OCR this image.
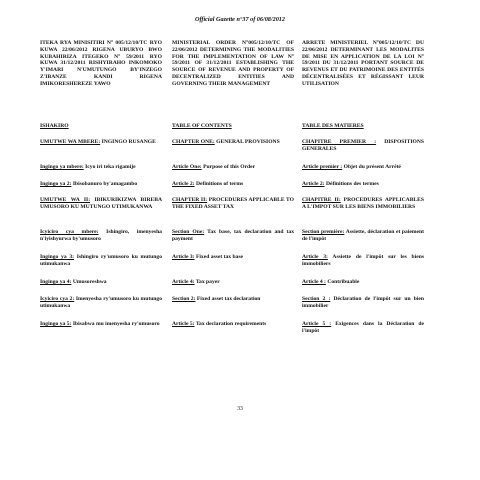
Official Gazette n°37 of 06/08/2012
ITEKA RYA MINISITIRI N° 005/12/10/TC RYO KUWA 22/06/2012 RIGENA UBURYO BWO KUBAHIRIZA ITEGEKO N° 59/2011 RYO KUWA 31/12/2011 RISHYIRAHO INKOMOKO Y'IMARI N'UMUTUNGO BY'INZEGO Z'IBANZE KANDI RIGENA IMIKORESHEREZE YAWO
ISHAKIRO
UMUTWE WA MBERE: INGINGO RUSANGE
Ingingo ya mbere: Icyo iri teka rigamije
Ingingo ya 2: Ibisobanuro by'amagambo
UMUTWE WA II: IBIKURIKIZWA BIREBA UMUSORO KU MUTUNGO UTIMUKANWA
Icyiciro cya mbere: Ishingiro, imenyesha n'iyishyurwa by'umusoro
Ingingo ya 3: Ishingiro ry'umusoro ku mutungo utimukanwa
Ingingo ya 4: Umusoreshwa
Icyiciro cya 2: Imenyesha ry'umusoro ku mutungo utimukanwa
Ingingo ya 5: Ibisabwa mu imenyesha ry'umusoro
MINISTERIAL ORDER N°005/12/10/TC OF 22/06/2012 DETERMINING THE MODALITIES FOR THE IMPLEMENTATION OF LAW N° 59/2011 OF 31/12/2011 ESTABLISHING THE SOURCE OF REVENUE AND PROPERTY OF DECENTRALIZED ENTITIES AND GOVERNING THEIR MANAGEMENT
TABLE OF CONTENTS
CHAPTER ONE: GENERAL PROVISIONS
Article One: Purpose of this Order
Article 2: Definitions of terms
CHAPTER II: PROCEDURES APPLICABLE TO THE FIXED ASSET TAX
Section One: Tax base, tax declaration and tax payment
Article 3: Fixed asset tax base
Article 4: Tax payer
Section 2: Fixed asset tax declaration
Article 5: Tax declaration requirements
ARRETE MINISTERIEL N°005/12/10/TC DU 22/06/2012 DETERMINANT LES MODALITES DE MISE EN APPLICATION DE LA LOI N° 59/2011 DU 31/12/2011 PORTANT SOURCE DE REVENUS ET DU PATRIMOINE DES ENTITÉS DÉCENTRALISÉES ET RÉGISSANT LEUR UTILISATION
TABLE DES MATIERES
CHAPITRE PREMIER : DISPOSITIONS GENERALES
Article premier : Objet du présent Arrêté
Article 2: Définitions des termes
CHAPITRE II: PROCEDURES APPLICABLES A L'IMPOT SUR LES BIENS IMMOBILIERS
Section première: Assiette, déclaration et paiement de l'impôt
Article 3: Assiette de l'impôt sur les biens immobiliers
Article 4 : Contribuable
Section 2 : Déclaration de l'impôt sur un bien immobilier
Article 5 : Exigences dans la Déclaration de l'impôt
33
